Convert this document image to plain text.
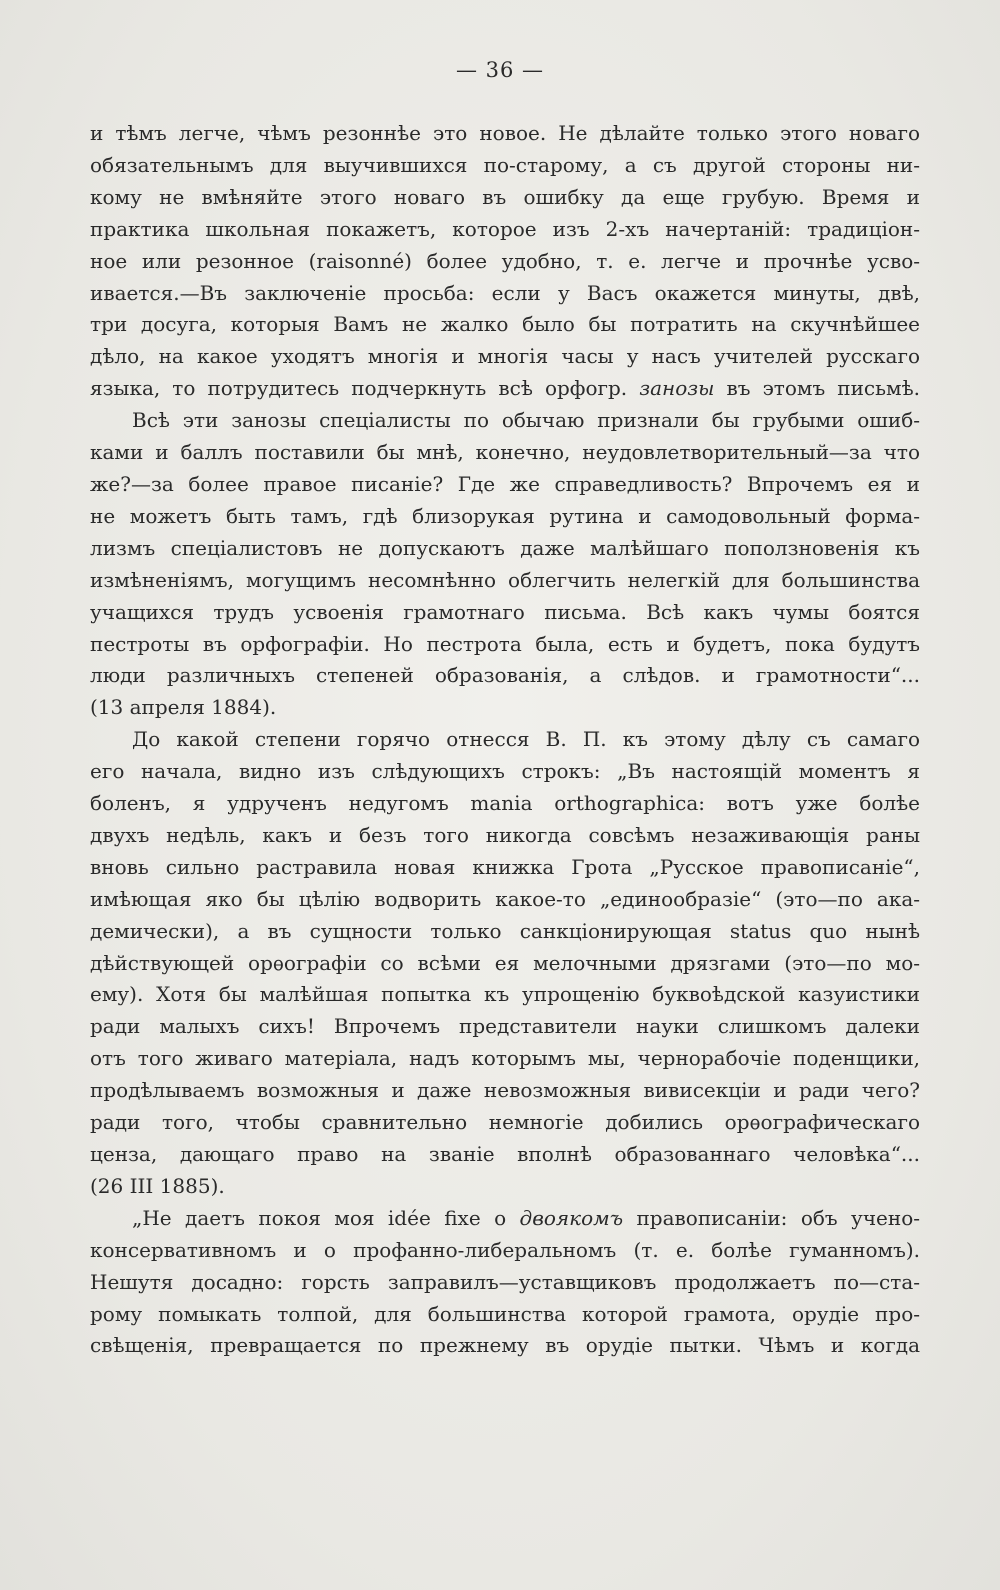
— 36 —
и тѣмъ легче, чѣмъ резоннѣе это новое. Не дѣлайте только этого новаго
обязательнымъ для выучившихся по-старому, а съ другой стороны ни-
кому не вмѣняйте этого новаго въ ошибку да еще грубую. Время и
практика школьная покажетъ, которое изъ 2-хъ начертаній: традиціон-
ное или резонное (raisonné) более удобно, т. е. легче и прочнѣе усво-
ивается.—Въ заключеніе просьба: если у Васъ окажется минуты, двѣ,
три досуга, которыя Вамъ не жалко было бы потратить на скучнѣйшее
дѣло, на какое уходятъ многія и многія часы у насъ учителей русскаго
языка, то потрудитесь подчеркнуть всѣ орфогр. занозы въ этомъ письмѣ.
Всѣ эти занозы спеціалисты по обычаю признали бы грубыми ошиб-
ками и баллъ поставили бы мнѣ, конечно, неудовлетворительный—за что
же?—за более правое писаніе? Где же справедливость? Впрочемъ ея и
не можетъ быть тамъ, гдѣ близорукая рутина и самодовольный форма-
лизмъ спеціалистовъ не допускаютъ даже малѣйшаго поползновенія къ
измѣненіямъ, могущимъ несомнѣнно облегчить нелегкій для большинства
учащихся трудъ усвоенія грамотнаго письма. Всѣ какъ чумы боятся
пестроты въ орфографіи. Но пестрота была, есть и будетъ, пока будутъ
люди различныхъ степеней образованія, а слѣдов. и грамотности“...
(13 апреля 1884).
До какой степени горячо отнесся В. П. къ этому дѣлу съ самаго
его начала, видно изъ слѣдующихъ строкъ: „Въ настоящій моментъ я
боленъ, я удрученъ недугомъ mania orthographica: вотъ уже болѣе
двухъ недѣль, какъ и безъ того никогда совсѣмъ незаживающія раны
вновь сильно растравила новая книжка Грота „Русское правописаніе“,
имѣющая яко бы цѣлію водворить какое-то „единообразіе“ (это—по ака-
демически), а въ сущности только санкціонирующая status quo нынѣ
дѣйствующей орѳографіи со всѣми ея мелочными дрязгами (это—по мо-
ему). Хотя бы малѣйшая попытка къ упрощенію буквоѣдской казуистики
ради малыхъ сихъ! Впрочемъ представители науки слишкомъ далеки
отъ того живаго матеріала, надъ которымъ мы, чернорабочіе поденщики,
продѣлываемъ возможныя и даже невозможныя вивисекціи и ради чего?
ради того, чтобы сравнительно немногіе добились орѳографическаго
ценза, дающаго право на званіе вполнѣ образованнаго человѣка“...
(26 III 1885).
„Не даетъ покоя моя idée fixe о двоякомъ правописаніи: объ учено-
консервативномъ и о профанно-либеральномъ (т. е. болѣе гуманномъ).
Нешутя досадно: горсть заправилъ—уставщиковъ продолжаетъ по—ста-
рому помыкать толпой, для большинства которой грамота, орудіе про-
свѣщенія, превращается по прежнему въ орудіе пытки. Чѣмъ и когда
